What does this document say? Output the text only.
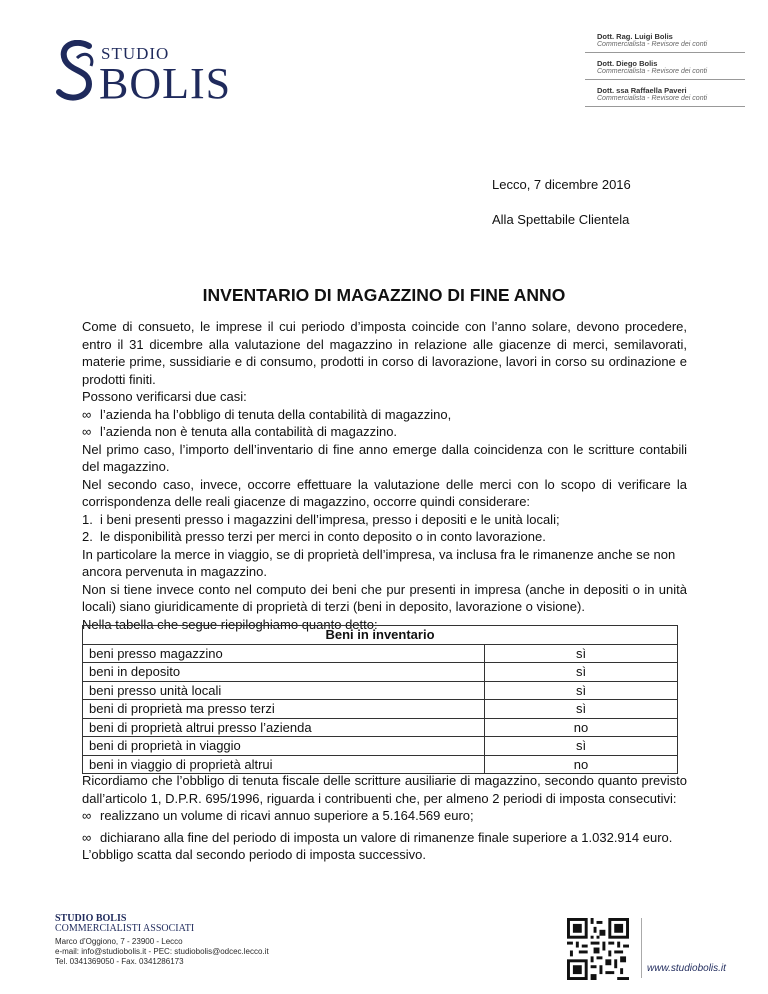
STUDIO
BOLIS
Dott. Rag. Luigi Bolis
Commercialista - Revisore dei conti
Dott. Diego Bolis
Commercialista - Revisore dei conti
Dott. ssa Raffaella Paveri
Commercialista - Revisore dei conti
Lecco, 7 dicembre 2016
Alla Spettabile Clientela
INVENTARIO DI MAGAZZINO DI FINE ANNO

Come di consueto, le imprese il cui periodo d’imposta coincide con l’anno solare, devono procedere, entro il 31 dicembre alla valutazione del magazzino in relazione alle giacenze di merci, semilavorati, materie prime, sussidiarie e di consumo, prodotti in corso di lavorazione, lavori in corso su ordinazione e prodotti finiti.

Possono verificarsi due casi:

∞ l’azienda ha l’obbligo di tenuta della contabilità di magazzino,

∞ l’azienda non è tenuta alla contabilità di magazzino.

Nel primo caso, l’importo dell’inventario di fine anno emerge dalla coincidenza con le scritture contabili del magazzino.

Nel secondo caso, invece, occorre effettuare la valutazione delle merci con lo scopo di verificare la corrispondenza delle reali giacenze di magazzino, occorre quindi considerare:

1. i beni presenti presso i magazzini dell’impresa, presso i depositi e le unità locali;

2. le disponibilità presso terzi per merci in conto deposito o in conto lavorazione.

In particolare la merce in viaggio, se di proprietà dell’impresa, va inclusa fra le rimanenze anche se non ancora pervenuta in magazzino.

Non si tiene invece conto nel computo dei beni che pur presenti in impresa (anche in depositi o in unità locali) siano giuridicamente di proprietà di terzi (beni in deposito, lavorazione o visione).

Nella tabella che segue riepiloghiamo quanto detto:

Beni in inventario	
beni presso magazzino	sì
beni in deposito	sì
beni presso unità locali	sì
beni di proprietà ma presso terzi	sì
beni di proprietà altrui presso l’azienda	no
beni di proprietà in viaggio	sì
beni in viaggio di proprietà altrui	no

Ricordiamo che l’obbligo di tenuta fiscale delle scritture ausiliarie di magazzino, secondo quanto previsto dall’articolo 1, D.P.R. 695/1996, riguarda i contribuenti che, per almeno 2 periodi di imposta consecutivi:

∞ realizzano un volume di ricavi annuo superiore a 5.164.569 euro;

∞ dichiarano alla fine del periodo di imposta un valore di rimanenze finale superiore a 1.032.914 euro.

L’obbligo scatta dal secondo periodo di imposta successivo.

STUDIO BOLIS
COMMERCIALISTI ASSOCIATI
Marco d’Oggiono, 7 - 23900 - Lecco
e-mail: info@studiobolis.it - PEC: studiobolis@odcec.lecco.it
Tel. 0341369050 - Fax. 0341286173
www.studiobolis.it
